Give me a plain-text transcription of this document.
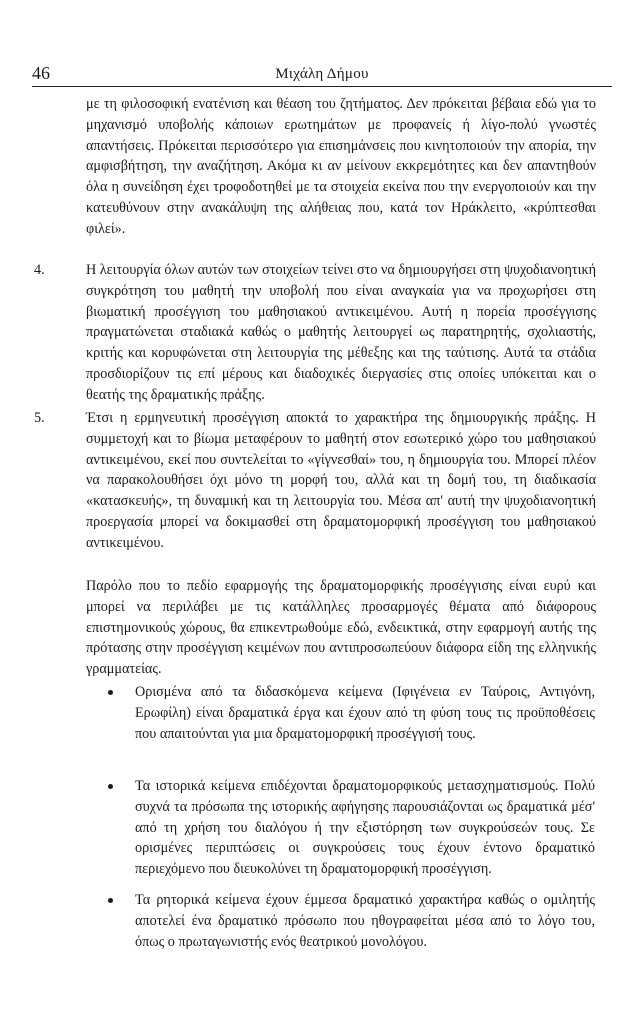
46	Μιχάλη Δήμου

με τη φιλοσοφική ενατένιση και θέαση του ζητήματος. Δεν πρόκειται βέβαια εδώ για το μηχανισμό υποβολής κάποιων ερωτημάτων με προφανείς ή λίγο-πολύ γνωστές απαντήσεις. Πρόκειται περισσότερο για επισημάνσεις που κινητοποιούν την απορία, την αμφισβήτηση, την αναζήτηση. Ακόμα κι αν μείνουν εκκρεμότητες και δεν απαντηθούν όλα η συνείδηση έχει τροφοδοτηθεί με τα στοιχεία εκείνα που την ενεργοποιούν και την κατευθύνουν στην ανακάλυψη της αλήθειας που, κατά τον Ηράκλειτο, «κρύπτεσθαι φιλεί».

4.	Η λειτουργία όλων αυτών των στοιχείων τείνει στο να δημιουργήσει στη ψυχοδιανοητική συγκρότηση του μαθητή την υποβολή που είναι αναγκαία για να προχωρήσει στη βιωματική προσέγγιση του μαθησιακού αντικειμένου. Αυτή η πορεία προσέγγισης πραγματώνεται σταδιακά καθώς ο μαθητής λειτουργεί ως παρατηρητής, σχολιαστής, κριτής και κορυφώνεται στη λειτουργία της μέθεξης και της ταύτισης. Αυτά τα στάδια προσδιορίζουν τις επί μέρους και διαδοχικές διεργασίες στις οποίες υπόκειται και ο θεατής της δραματικής πράξης.

5.	Έτσι η ερμηνευτική προσέγγιση αποκτά το χαρακτήρα της δημιουργικής πράξης. Η συμμετοχή και το βίωμα μεταφέρουν το μαθητή στον εσωτερικό χώρο του μαθησιακού αντικειμένου, εκεί που συντελείται το «γίγνεσθαί» του, η δημιουργία του. Μπορεί πλέον να παρακολουθήσει όχι μόνο τη μορφή του, αλλά και τη δομή του, τη διαδικασία «κατασκευής», τη δυναμική και τη λειτουργία του. Μέσα απ' αυτή την ψυχοδιανοητική προεργασία μπορεί να δοκιμασθεί στη δραματομορφική προσέγγιση του μαθησιακού αντικειμένου.

Παρόλο που το πεδίο εφαρμογής της δραματομορφικής προσέγγισης είναι ευρύ και μπορεί να περιλάβει με τις κατάλληλες προσαρμογές θέματα από διάφορους επιστημονικούς χώρους, θα επικεντρωθούμε εδώ, ενδεικτικά, στην εφαρμογή αυτής της πρότασης στην προσέγγιση κειμένων που αντιπροσωπεύουν διάφορα είδη της ελληνικής γραμματείας.

Ορισμένα από τα διδασκόμενα κείμενα (Ιφιγένεια εν Ταύροις, Αντιγόνη, Ερωφίλη) είναι δραματικά έργα και έχουν από τη φύση τους τις προϋποθέσεις που απαιτούνται για μια δραματομορφική προσέγγισή τους.

Τα ιστορικά κείμενα επιδέχονται δραματομορφικούς μετασχηματισμούς. Πολύ συχνά τα πρόσωπα της ιστορικής αφήγησης παρουσιάζονται ως δραματικά μέσ' από τη χρήση του διαλόγου ή την εξιστόρηση των συγκρούσεών τους. Σε ορισμένες περιπτώσεις οι συγκρούσεις τους έχουν έντονο δραματικό περιεχόμενο που διευκολύνει τη δραματομορφική προσέγγιση.

Τα ρητορικά κείμενα έχουν έμμεσα δραματικό χαρακτήρα καθώς ο ομιλητής αποτελεί ένα δραματικό πρόσωπο που ηθογραφείται μέσα από το λόγο του, όπως ο πρωταγωνιστής ενός θεατρικού μονολόγου.
